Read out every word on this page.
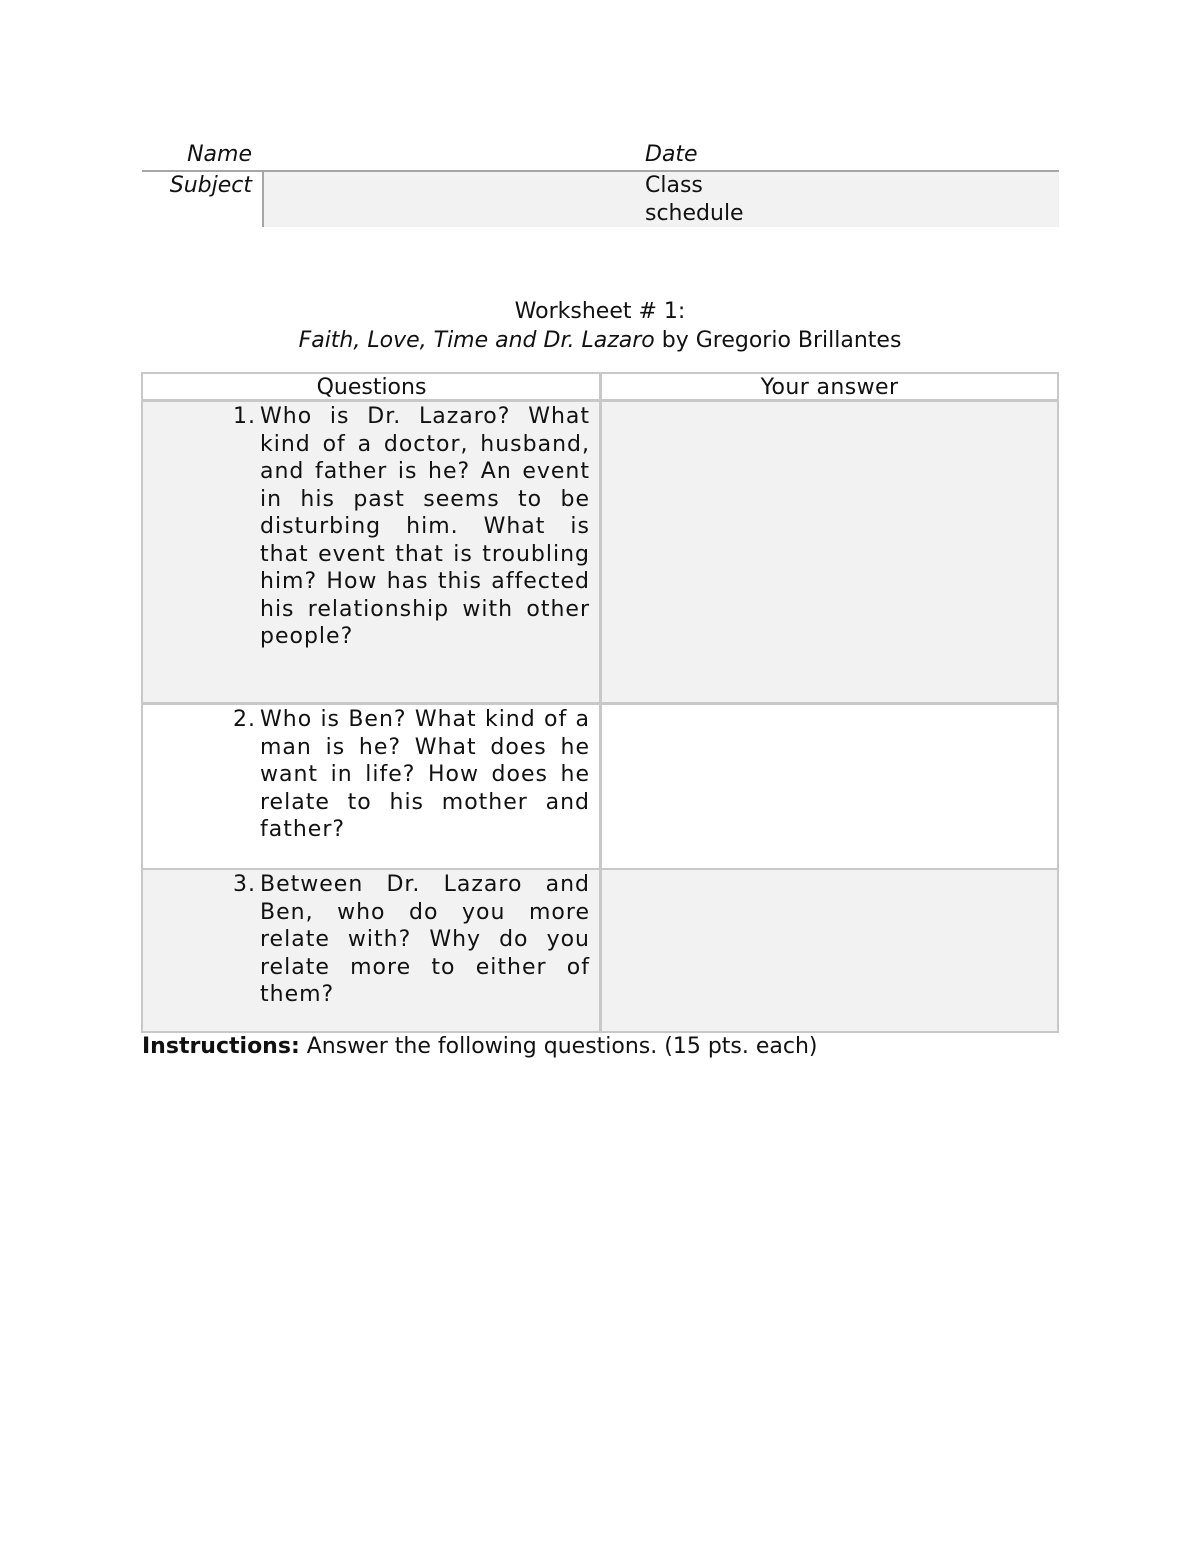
Name	Date
Subject	Class schedule
Worksheet # 1:
Faith, Love, Time and Dr. Lazaro by Gregorio Brillantes
Questions	Your answer
1. Who is Dr. Lazaro? What kind of a doctor, husband, and father is he? An event in his past seems to be disturbing him. What is that event that is troubling him? How has this affected his relationship with other people?
2. Who is Ben? What kind of a man is he? What does he want in life? How does he relate to his mother and father?
3. Between Dr. Lazaro and Ben, who do you more relate with? Why do you relate more to either of them?
Instructions: Answer the following questions. (15 pts. each)
